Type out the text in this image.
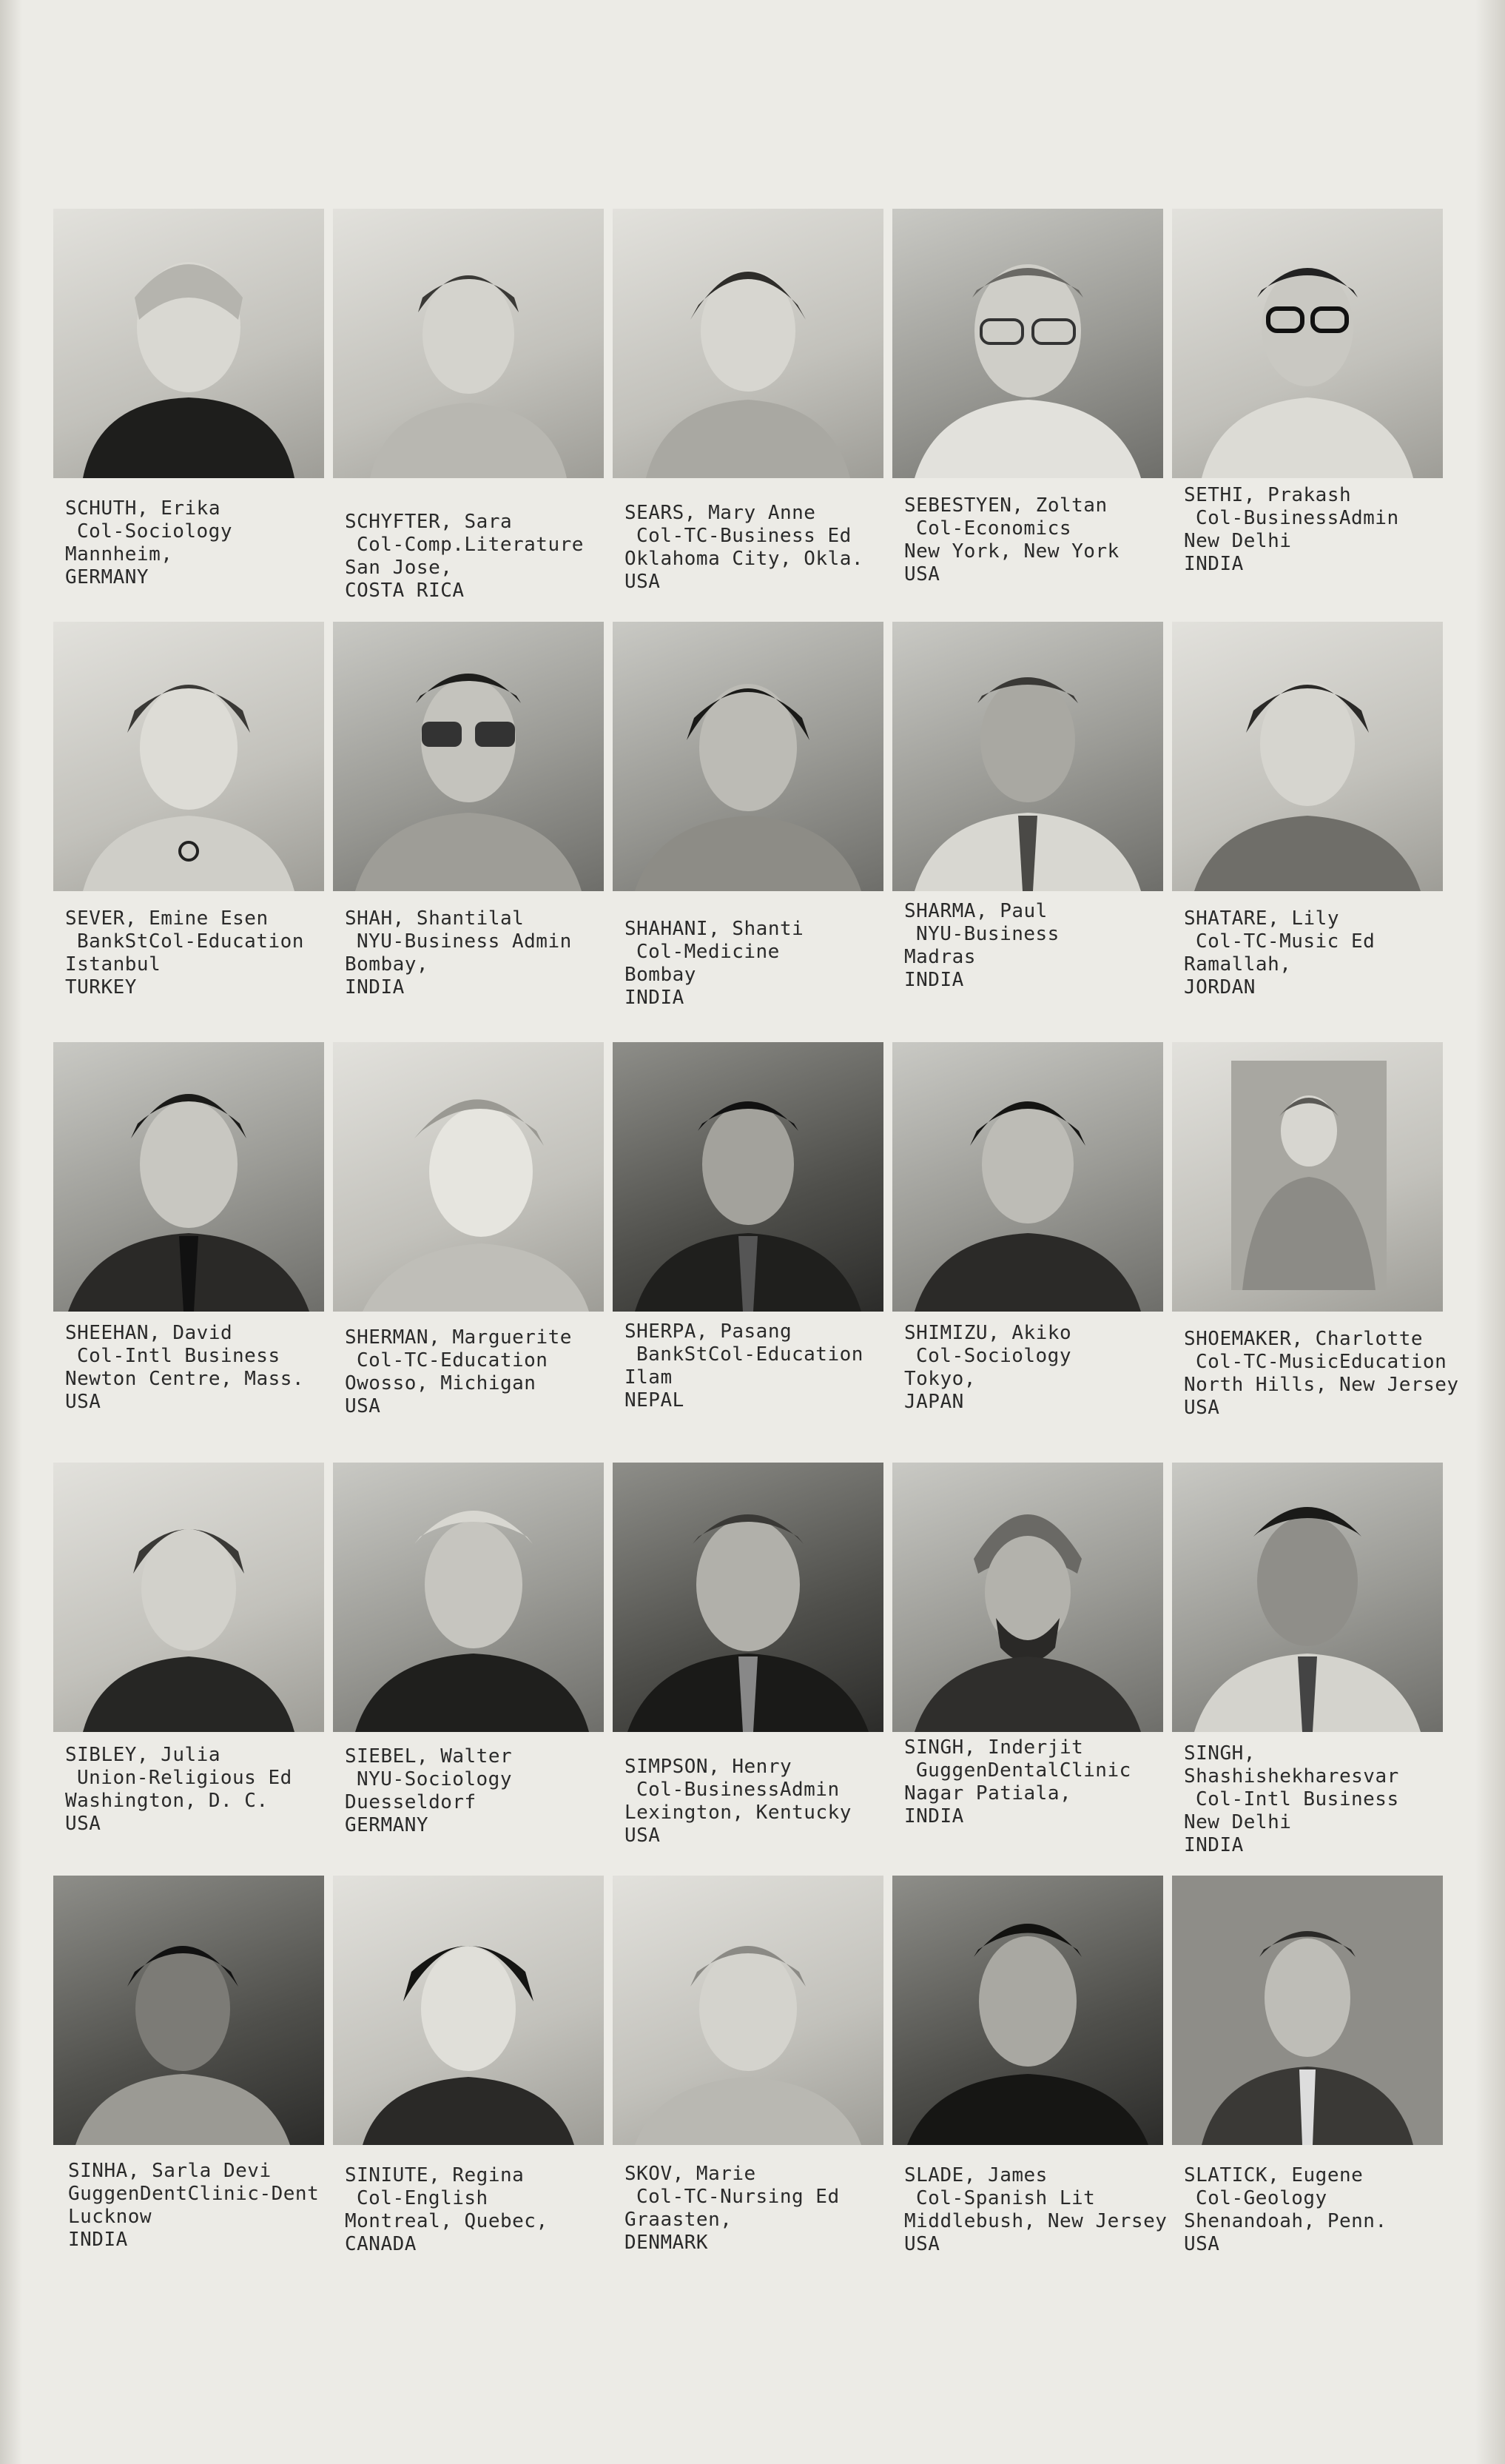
SCHUTH, Erika
Col-Sociology
Mannheim,
GERMANY
SCHYFTER, Sara
Col-Comp.Literature
San Jose,
COSTA RICA
SEARS, Mary Anne
Col-TC-Business Ed
Oklahoma City, Okla.
USA
SEBESTYEN, Zoltan
Col-Economics
New York, New York
USA
SETHI, Prakash
Col-BusinessAdmin
New Delhi
INDIA
SEVER, Emine Esen
BankStCol-Education
Istanbul
TURKEY
SHAH, Shantilal
NYU-Business Admin
Bombay,
INDIA
SHAHANI, Shanti
Col-Medicine
Bombay
INDIA
SHARMA, Paul
NYU-Business
Madras
INDIA
SHATARE, Lily
Col-TC-Music Ed
Ramallah,
JORDAN
SHEEHAN, David
Col-Intl Business
Newton Centre, Mass.
USA
SHERMAN, Marguerite
Col-TC-Education
Owosso, Michigan
USA
SHERPA, Pasang
BankStCol-Education
Ilam
NEPAL
SHIMIZU, Akiko
Col-Sociology
Tokyo,
JAPAN
SHOEMAKER, Charlotte
Col-TC-MusicEducation
North Hills, New Jersey
USA
SIBLEY, Julia
Union-Religious Ed
Washington, D. C.
USA
SIEBEL, Walter
NYU-Sociology
Duesseldorf
GERMANY
SIMPSON, Henry
Col-BusinessAdmin
Lexington, Kentucky
USA
SINGH, Inderjit
GuggenDentalClinic
Nagar Patiala,
INDIA
SINGH,
Shashishekharesvar
Col-Intl Business
New Delhi
INDIA
SINHA, Sarla Devi
GuggenDentClinic-Dent
Lucknow
INDIA
SINIUTE, Regina
Col-English
Montreal, Quebec,
CANADA
SKOV, Marie
Col-TC-Nursing Ed
Graasten,
DENMARK
SLADE, James
Col-Spanish Lit
Middlebush, New Jersey
USA
SLATICK, Eugene
Col-Geology
Shenandoah, Penn.
USA
